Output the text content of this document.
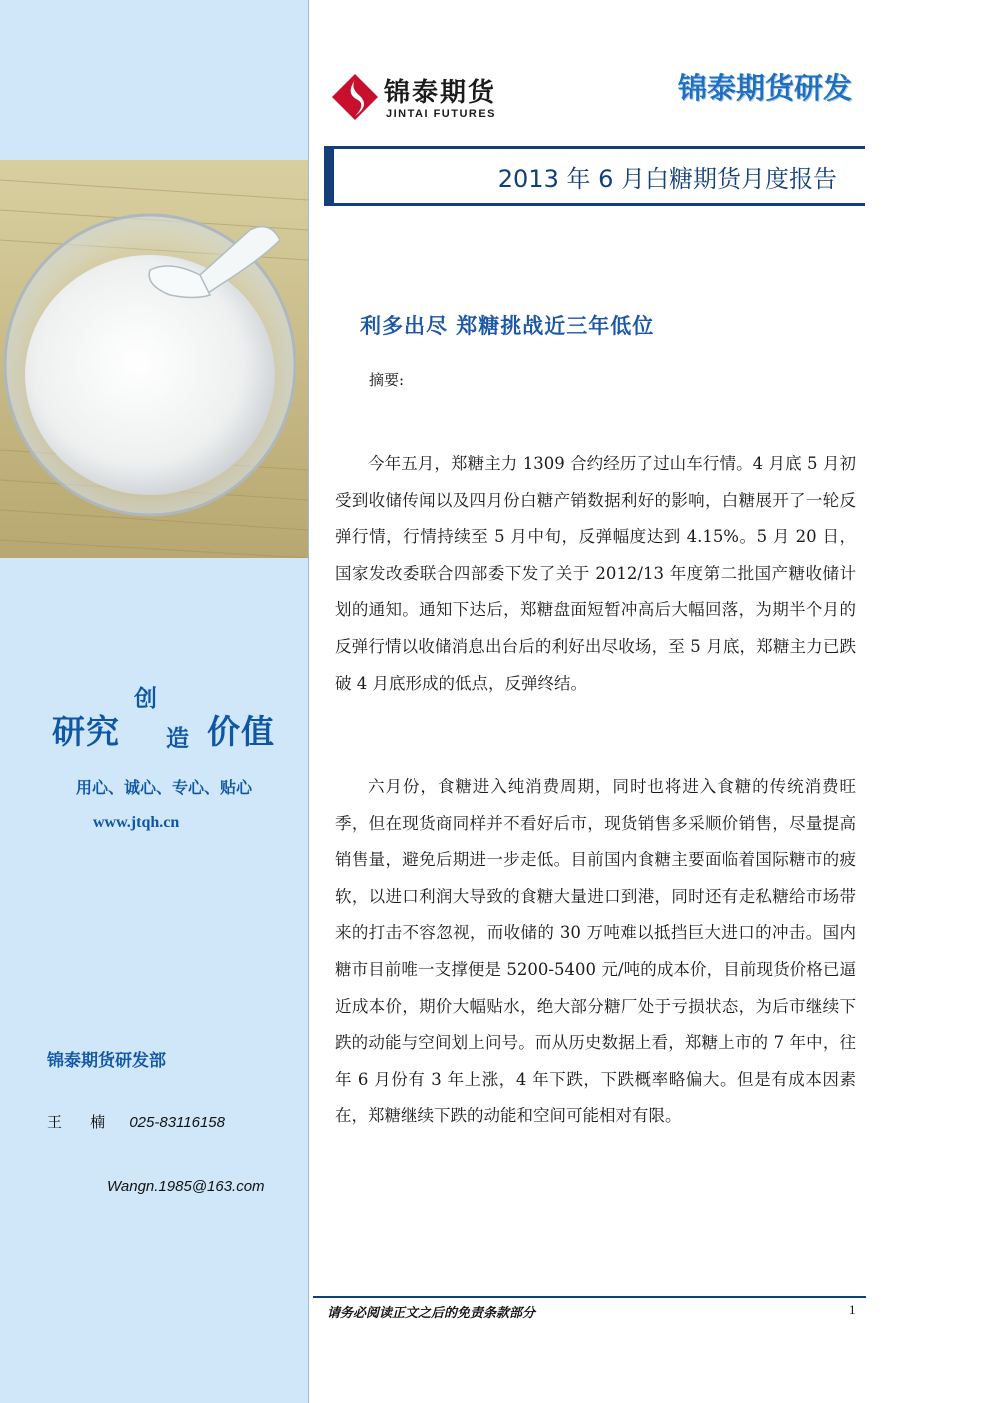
研究
创
造 价值
用心、诚心、专心、贴心
www.jtqh.cn
锦泰期货研发部
王 楠 025-83116158
Wangn.1985@163.com
锦泰期货
JINTAI FUTURES
锦泰期货研发
2013 年 6 月白糖期货月度报告
利多出尽 郑糖挑战近三年低位
摘要:

今年五月，郑糖主力 1309 合约经历了过山车行情。4 月底 5 月初受到收储传闻以及四月份白糖产销数据利好的影响，白糖展开了一轮反弹行情，行情持续至 5 月中旬，反弹幅度达到 4.15%。5 月 20 日，国家发改委联合四部委下发了关于 2012/13 年度第二批国产糖收储计划的通知。通知下达后，郑糖盘面短暂冲高后大幅回落，为期半个月的反弹行情以收储消息出台后的利好出尽收场，至 5 月底，郑糖主力已跌破 4 月底形成的低点，反弹终结。

六月份，食糖进入纯消费周期，同时也将进入食糖的传统消费旺季，但在现货商同样并不看好后市，现货销售多采顺价销售，尽量提高销售量，避免后期进一步走低。目前国内食糖主要面临着国际糖市的疲软，以进口利润大导致的食糖大量进口到港，同时还有走私糖给市场带来的打击不容忽视，而收储的 30 万吨难以抵挡巨大进口的冲击。国内糖市目前唯一支撑便是 5200-5400 元/吨的成本价，目前现货价格已逼近成本价，期价大幅贴水，绝大部分糖厂处于亏损状态，为后市继续下跌的动能与空间划上问号。而从历史数据上看，郑糖上市的 7 年中，往年 6 月份有 3 年上涨，4 年下跌，下跌概率略偏大。但是有成本因素在，郑糖继续下跌的动能和空间可能相对有限。

请务必阅读正文之后的免责条款部分	1
